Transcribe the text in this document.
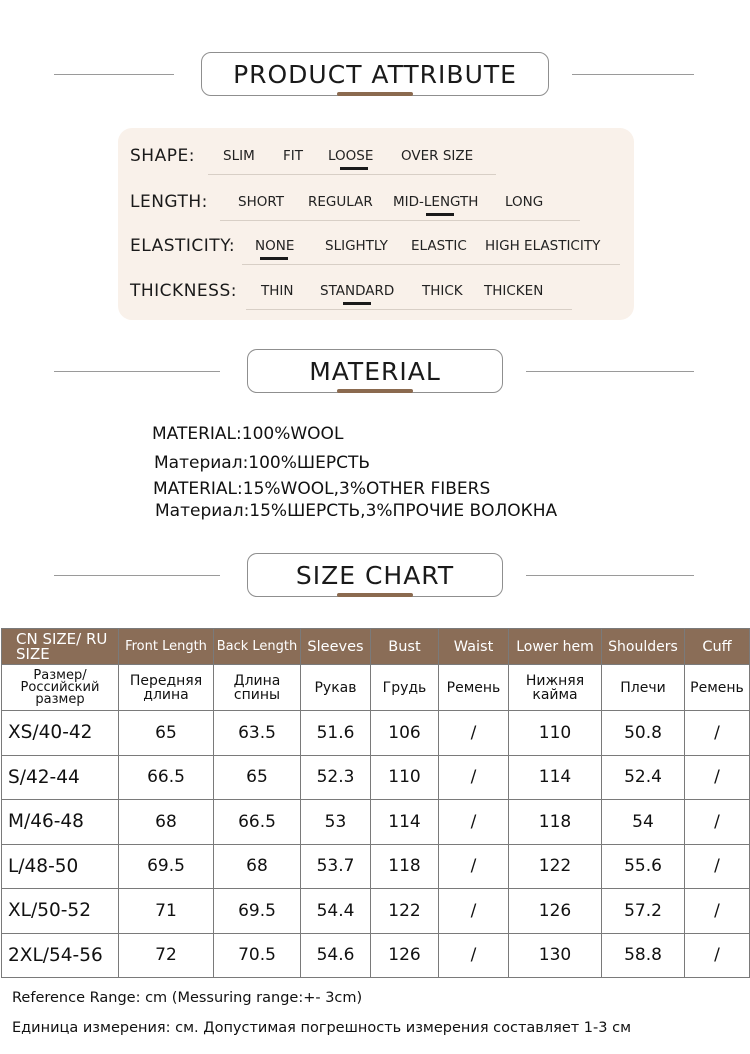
PRODUCT ATTRIBUTE
SHAPE: SLIM FIT LOOSE OVER SIZE
LENGTH: SHORT REGULAR MID-LENGTH LONG
ELASTICITY: NONE SLIGHTLY ELASTIC HIGH ELASTICITY
THICKNESS: THIN STANDARD THICK THICKEN
MATERIAL
MATERIAL:100%WOOL
Материал:100%ШЕРСТЬ
MATERIAL:15%WOOL,3%OTHER FIBERS
Материал:15%ШЕРСТЬ,3%ПРОЧИЕ ВОЛОКНА
SIZE CHART
CN SIZE/ RU SIZE	Front Length	Back Length	Sleeves	Bust	Waist	Lower hem	Shoulders	Cuff
Размер/ Российский размер	Передняя длина	Длина спины	Рукав	Грудь	Ремень	Нижняя кайма	Плечи	Ремень
XS/40-42	65	63.5	51.6	106	/	110	50.8	/
S/42-44	66.5	65	52.3	110	/	114	52.4	/
M/46-48	68	66.5	53	114	/	118	54	/
L/48-50	69.5	68	53.7	118	/	122	55.6	/
XL/50-52	71	69.5	54.4	122	/	126	57.2	/
2XL/54-56	72	70.5	54.6	126	/	130	58.8	/
Reference Range: cm (Messuring range:+- 3cm)
Единица измерения: см. Допустимая погрешность измерения составляет 1-3 см
